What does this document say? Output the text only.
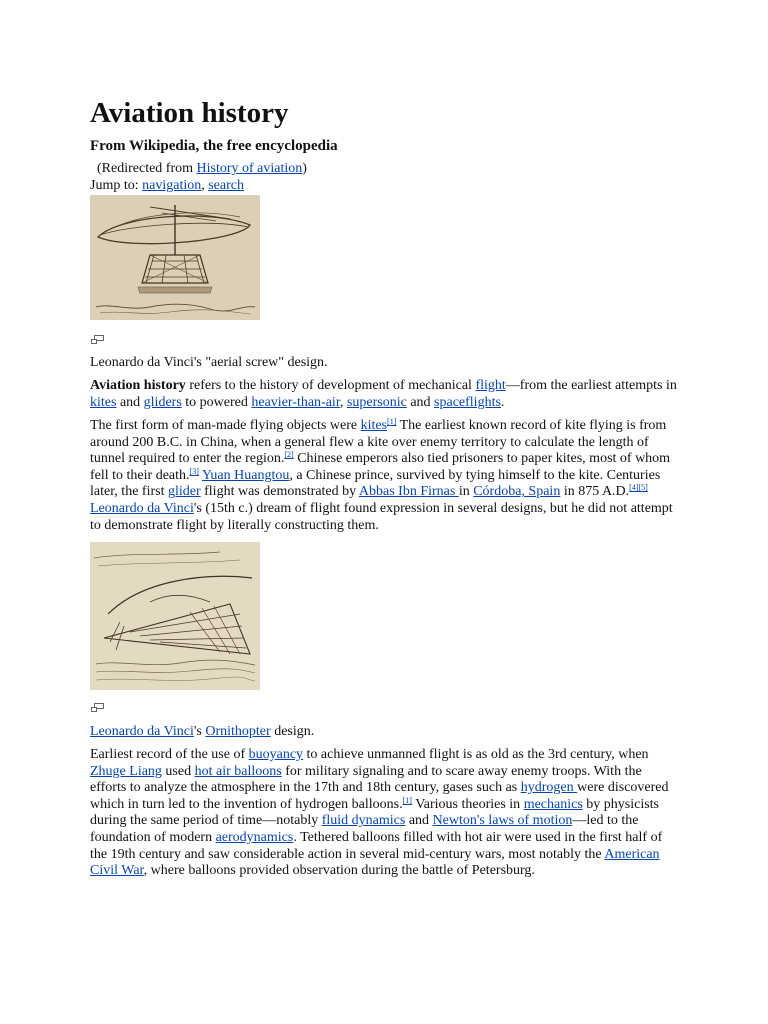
Aviation history
From Wikipedia, the free encyclopedia
(Redirected from History of aviation)
Jump to: navigation, search
Leonardo da Vinci's "aerial screw" design.

Aviation history refers to the history of development of mechanical flight—from the earliest attempts in kites and gliders to powered heavier-than-air, supersonic and spaceflights.

The first form of man-made flying objects were kites[1] The earliest known record of kite flying is from around 200 B.C. in China, when a general flew a kite over enemy territory to calculate the length of tunnel required to enter the region.[2] Chinese emperors also tied prisoners to paper kites, most of whom fell to their death.[3] Yuan Huangtou, a Chinese prince, survived by tying himself to the kite. Centuries later, the first glider flight was demonstrated by Abbas Ibn Firnas in Córdoba, Spain in 875 A.D.[4][5] Leonardo da Vinci's (15th c.) dream of flight found expression in several designs, but he did not attempt to demonstrate flight by literally constructing them.

Leonardo da Vinci's Ornithopter design.

Earliest record of the use of buoyancy to achieve unmanned flight is as old as the 3rd century, when Zhuge Liang used hot air balloons for military signaling and to scare away enemy troops. With the efforts to analyze the atmosphere in the 17th and 18th century, gases such as hydrogen were discovered which in turn led to the invention of hydrogen balloons.[1] Various theories in mechanics by physicists during the same period of time—notably fluid dynamics and Newton's laws of motion—led to the foundation of modern aerodynamics. Tethered balloons filled with hot air were used in the first half of the 19th century and saw considerable action in several mid-century wars, most notably the American Civil War, where balloons provided observation during the battle of Petersburg.
